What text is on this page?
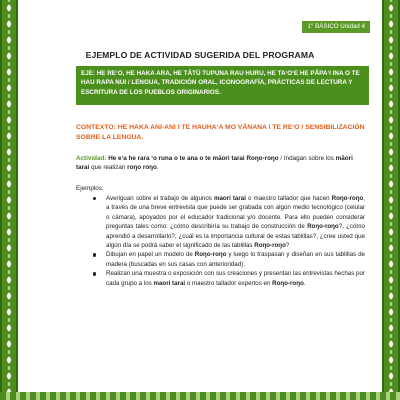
1° BÁSICO Unidad 4
EJEMPLO DE ACTIVIDAD SUGERIDA DEL PROGRAMA
EJE: HE REʻO, HE HAKA ARA, HE TĀTŪ TUPUNA RAU HURU, HE TAʻOʻE HE PĀPAʻI INA O TE
HAU RAPA NUI / LENGUA, TRADICIÓN ORAL, ICONOGRAFÍA, PRÁCTICAS DE LECTURA Y
ESCRITURA DE LOS PUEBLOS ORIGINARIOS.
CONTEXTO: HE HAKA ANI-ANI I TE HAUHAʻA MO VĀNANA I TE REʻO / SENSIBILIZACIÓN
SOBRE LA LENGUA.
Actividad: He eʻa he rara ʻo runa o te ana o te māori tarai Roŋo-roŋo / Indagan sobre los māori tarai que realizan roŋo roŋo.
Ejemplos:
Averiguan sobre el trabajo de algunos maori tarai o maestro tallador que hacen Roŋo-roŋo, a través de una breve entrevista que puede ser grabada con algún medio tecnológico (celular o cámara), apoyados por el educador tradicional y/o docente. Para ello pueden considerar preguntas tales como: ¿cómo describiría su trabajo de construcción de Roŋo-roŋo?, ¿cómo aprendió a desarrollarlo?, ¿cuál es la importancia cultural de estas tablillas?, ¿cree usted que algún día se podrá saber el significado de las tablillas Roŋo-roŋo?
Dibujan en papel un modelo de Roŋo-roŋo y luego lo traspasan y diseñan en sus tablillas de madera (buscadas en sus casas con anterioridad).
Realizan una muestra o exposición con sus creaciones y presentan las entrevistas hechas por cada grupo a los maori tarai o maestro tallador expertos en Roŋo-roŋo.
